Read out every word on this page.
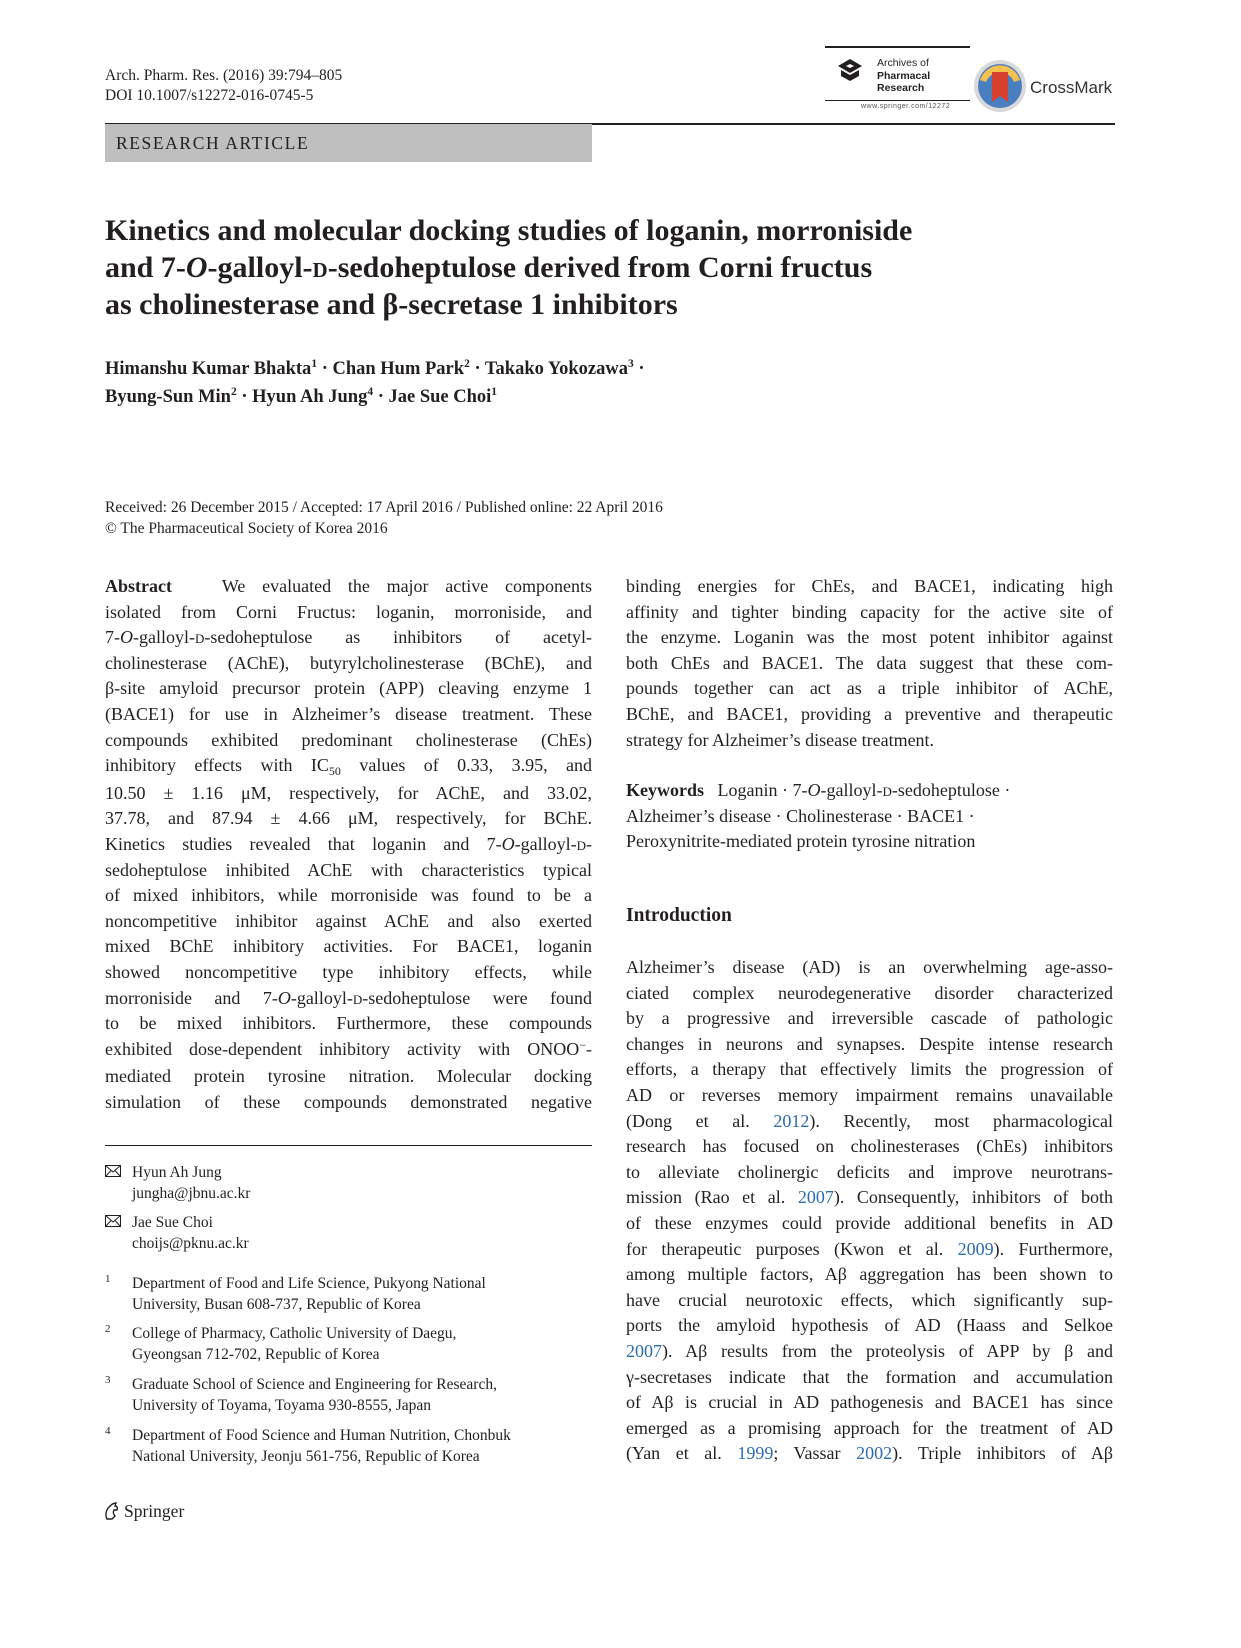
Arch. Pharm. Res. (2016) 39:794–805
DOI 10.1007/s12272-016-0745-5
Archives of
Pharmacal
Research
www.springer.com/12272
CrossMark
RESEARCH ARTICLE
Kinetics and molecular docking studies of loganin, morroniside
and 7-O-galloyl-d-sedoheptulose derived from Corni fructus
as cholinesterase and β-secretase 1 inhibitors
Himanshu Kumar Bhakta$^1$ · Chan Hum Park$^2$ · Takako Yokozawa$^3$ ·
Byung-Sun Min$^2$ · Hyun Ah Jung$^4$ · Jae Sue Choi$^1$
Received: 26 December 2015 / Accepted: 17 April 2016 / Published online: 22 April 2016
© The Pharmaceutical Society of Korea 2016
Abstract	We evaluated the major active components
isolated from Corni Fructus: loganin, morroniside, and
7-O-galloyl-d-sedoheptulose as inhibitors of acetyl-
cholinesterase (AChE), butyrylcholinesterase (BChE), and
β-site amyloid precursor protein (APP) cleaving enzyme 1
(BACE1) for use in Alzheimer’s disease treatment. These
compounds exhibited predominant cholinesterase (ChEs)
inhibitory effects with $IC_{50}$ values of 0.33, 3.95, and
10.50 ± 1.16 μM, respectively, for AChE, and 33.02,
37.78, and 87.94 ± 4.66 μM, respectively, for BChE.
Kinetics studies revealed that loganin and 7-O-galloyl-d-
sedoheptulose inhibited AChE with characteristics typical
of mixed inhibitors, while morroniside was found to be a
noncompetitive inhibitor against AChE and also exerted
mixed BChE inhibitory activities. For BACE1, loganin
showed noncompetitive type inhibitory effects, while
morroniside and 7-O-galloyl-d-sedoheptulose were found
to be mixed inhibitors. Furthermore, these compounds
exhibited dose-dependent inhibitory activity with ONOO−-
mediated protein tyrosine nitration. Molecular docking
simulation of these compounds demonstrated negative
binding energies for ChEs, and BACE1, indicating high
affinity and tighter binding capacity for the active site of
the enzyme. Loganin was the most potent inhibitor against
both ChEs and BACE1. The data suggest that these com-
pounds together can act as a triple inhibitor of AChE,
BChE, and BACE1, providing a preventive and therapeutic
strategy for Alzheimer’s disease treatment.
Keywords Loganin · 7-O-galloyl-d-sedoheptulose ·
Alzheimer’s disease · Cholinesterase · BACE1 ·
Peroxynitrite-mediated protein tyrosine nitration
Introduction
Alzheimer’s disease (AD) is an overwhelming age-asso-
ciated complex neurodegenerative disorder characterized
by a progressive and irreversible cascade of pathologic
changes in neurons and synapses. Despite intense research
efforts, a therapy that effectively limits the progression of
AD or reverses memory impairment remains unavailable
(Dong et al. 2012). Recently, most pharmacological
research has focused on cholinesterases (ChEs) inhibitors
to alleviate cholinergic deficits and improve neurotrans-
mission (Rao et al. 2007). Consequently, inhibitors of both
of these enzymes could provide additional benefits in AD
for therapeutic purposes (Kwon et al. 2009). Furthermore,
among multiple factors, Aβ aggregation has been shown to
have crucial neurotoxic effects, which significantly sup-
ports the amyloid hypothesis of AD (Haass and Selkoe
2007). Aβ results from the proteolysis of APP by β and
γ-secretases indicate that the formation and accumulation
of Aβ is crucial in AD pathogenesis and BACE1 has since
emerged as a promising approach for the treatment of AD
(Yan et al. 1999; Vassar 2002). Triple inhibitors of Aβ
Hyun Ah Jung
jungha@jbnu.ac.kr
Jae Sue Choi
choijs@pknu.ac.kr
1 Department of Food and Life Science, Pukyong National
University, Busan 608-737, Republic of Korea
2 College of Pharmacy, Catholic University of Daegu,
Gyeongsan 712-702, Republic of Korea
3 Graduate School of Science and Engineering for Research,
University of Toyama, Toyama 930-8555, Japan
4 Department of Food Science and Human Nutrition, Chonbuk
National University, Jeonju 561-756, Republic of Korea
Springer
